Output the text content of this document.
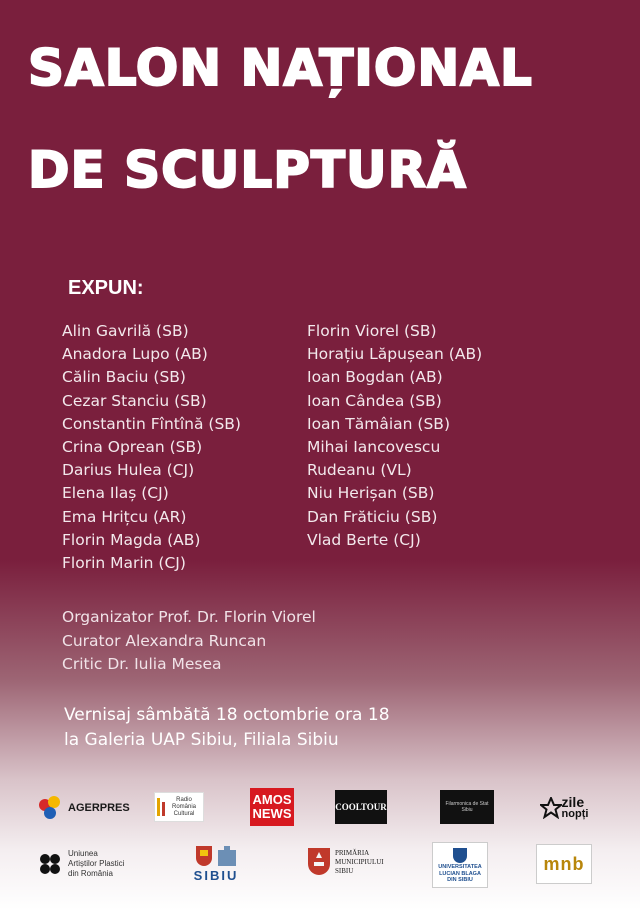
SALON NAȚIONAL
DE SCULPTURĂ
EXPUN:
Alin Gavrilă (SB)
Anadora Lupo (AB)
Călin Baciu (SB)
Cezar Stanciu (SB)
Constantin Fîntînă (SB)
Crina Oprean (SB)
Darius Hulea (CJ)
Elena Ilaș (CJ)
Ema Hrițcu (AR)
Florin Magda (AB)
Florin Marin (CJ)
Florin Viorel (SB)
Horațiu Lăpușean (AB)
Ioan Bogdan (AB)
Ioan Cândea (SB)
Ioan Tămâian (SB)
Mihai Iancovescu
Rudeanu (VL)
Niu Herișan (SB)
Dan Frăticiu (SB)
Vlad Berte (CJ)
Organizator Prof. Dr. Florin Viorel
Curator Alexandra Runcan
Critic Dr. Iulia Mesea
Vernisaj sâmbătă 18 octombrie ora 18
la Galeria UAP Sibiu, Filiala Sibiu
AGERPRES
Radio România Cultural
AMOS
NEWS	COOLTOUR	Filarmonica de Stat Sibiu	zile
nopți
Uniunea
Artiștilor Plastici
din România	SIBIU
PRIMĂRIA
MUNICIPIULUI
SIBIU	UNIVERSITATEA
LUCIAN BLAGA
DIN SIBIU
mnb
